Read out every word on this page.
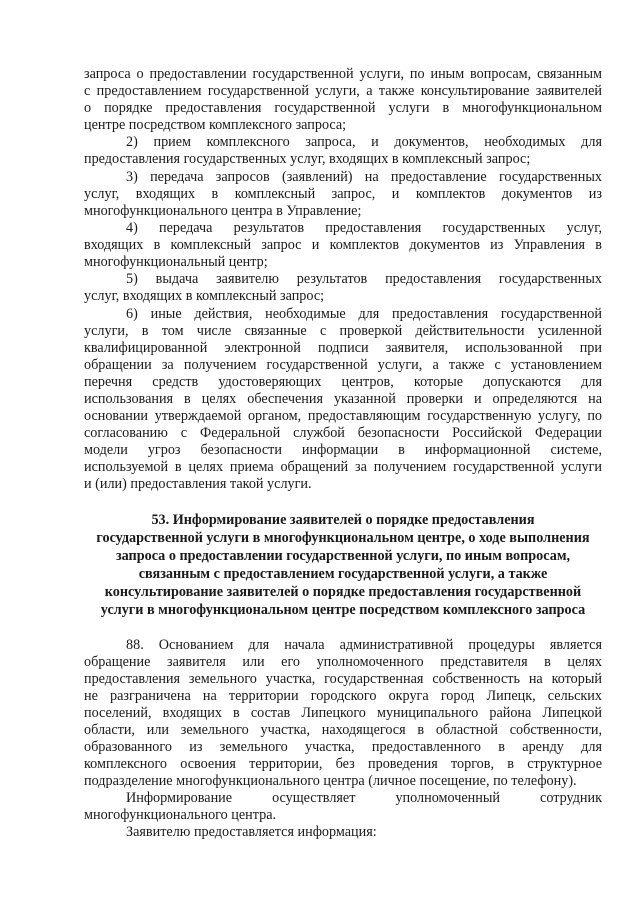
запроса о предоставлении государственной услуги, по иным вопросам, связанным
с предоставлением государственной услуги, а также консультирование заявителей
о порядке предоставления государственной услуги в многофункциональном
центре посредством комплексного запроса;
2) прием комплексного запроса, и документов, необходимых для
предоставления государственных услуг, входящих в комплексный запрос;
3) передача запросов (заявлений) на предоставление государственных
услуг, входящих в комплексный запрос, и комплектов документов из
многофункционального центра в Управление;
4) передача результатов предоставления государственных услуг,
входящих в комплексный запрос и комплектов документов из Управления в
многофункциональный центр;
5) выдача заявителю результатов предоставления государственных
услуг, входящих в комплексный запрос;
6) иные действия, необходимые для предоставления государственной
услуги, в том числе связанные с проверкой действительности усиленной
квалифицированной электронной подписи заявителя, использованной при
обращении за получением государственной услуги, а также с установлением
перечня средств удостоверяющих центров, которые допускаются для
использования в целях обеспечения указанной проверки и определяются на
основании утверждаемой органом, предоставляющим государственную услугу, по
согласованию с Федеральной службой безопасности Российской Федерации
модели угроз безопасности информации в информационной системе,
используемой в целях приема обращений за получением государственной услуги
и (или) предоставления такой услуги.
53. Информирование заявителей о порядке предоставления
государственной услуги в многофункциональном центре, о ходе выполнения
запроса о предоставлении государственной услуги, по иным вопросам,
связанным с предоставлением государственной услуги, а также
консультирование заявителей о порядке предоставления государственной
услуги в многофункциональном центре посредством комплексного запроса
88. Основанием для начала административной процедуры является
обращение заявителя или его уполномоченного представителя в целях
предоставления земельного участка, государственная собственность на который
не разграничена на территории городского округа город Липецк, сельских
поселений, входящих в состав Липецкого муниципального района Липецкой
области, или земельного участка, находящегося в областной собственности,
образованного из земельного участка, предоставленного в аренду для
комплексного освоения территории, без проведения торгов, в структурное
подразделение многофункционального центра (личное посещение, по телефону).
Информирование осуществляет уполномоченный сотрудник
многофункционального центра.
Заявителю предоставляется информация:
